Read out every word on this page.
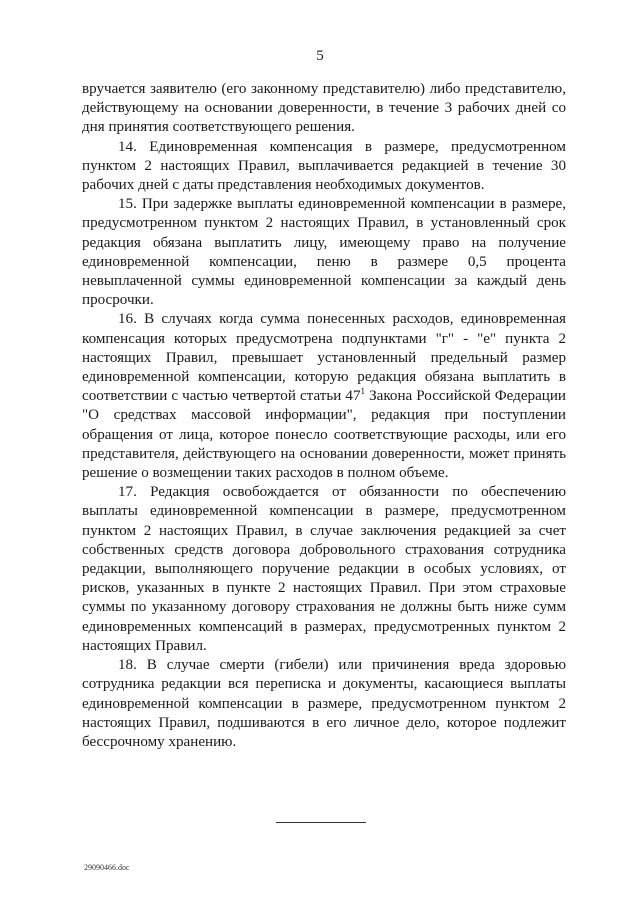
5

вручается заявителю (его законному представителю) либо представителю, действующему на основании доверенности, в течение 3 рабочих дней со дня принятия соответствующего решения.

14. Единовременная компенсация в размере, предусмотренном пунктом 2 настоящих Правил, выплачивается редакцией в течение 30 рабочих дней с даты представления необходимых документов.

15. При задержке выплаты единовременной компенсации в размере, предусмотренном пунктом 2 настоящих Правил, в установленный срок редакция обязана выплатить лицу, имеющему право на получение единовременной компенсации, пеню в размере 0,5 процента невыплаченной суммы единовременной компенсации за каждый день просрочки.

16. В случаях когда сумма понесенных расходов, единовременная компенсация которых предусмотрена подпунктами "г" - "е" пункта 2 настоящих Правил, превышает установленный предельный размер единовременной компенсации, которую редакция обязана выплатить в соответствии с частью четвертой статьи $47^1$ Закона Российской Федерации "О средствах массовой информации", редакция при поступлении обращения от лица, которое понесло соответствующие расходы, или его представителя, действующего на основании доверенности, может принять решение о возмещении таких расходов в полном объеме.

17. Редакция освобождается от обязанности по обеспечению выплаты единовременной компенсации в размере, предусмотренном пунктом 2 настоящих Правил, в случае заключения редакцией за счет собственных средств договора добровольного страхования сотрудника редакции, выполняющего поручение редакции в особых условиях, от рисков, указанных в пункте 2 настоящих Правил. При этом страховые суммы по указанному договору страхования не должны быть ниже сумм единовременных компенсаций в размерах, предусмотренных пунктом 2 настоящих Правил.

18. В случае смерти (гибели) или причинения вреда здоровью сотрудника редакции вся переписка и документы, касающиеся выплаты единовременной компенсации в размере, предусмотренном пунктом 2 настоящих Правил, подшиваются в его личное дело, которое подлежит бессрочному хранению.

29090466.doc
